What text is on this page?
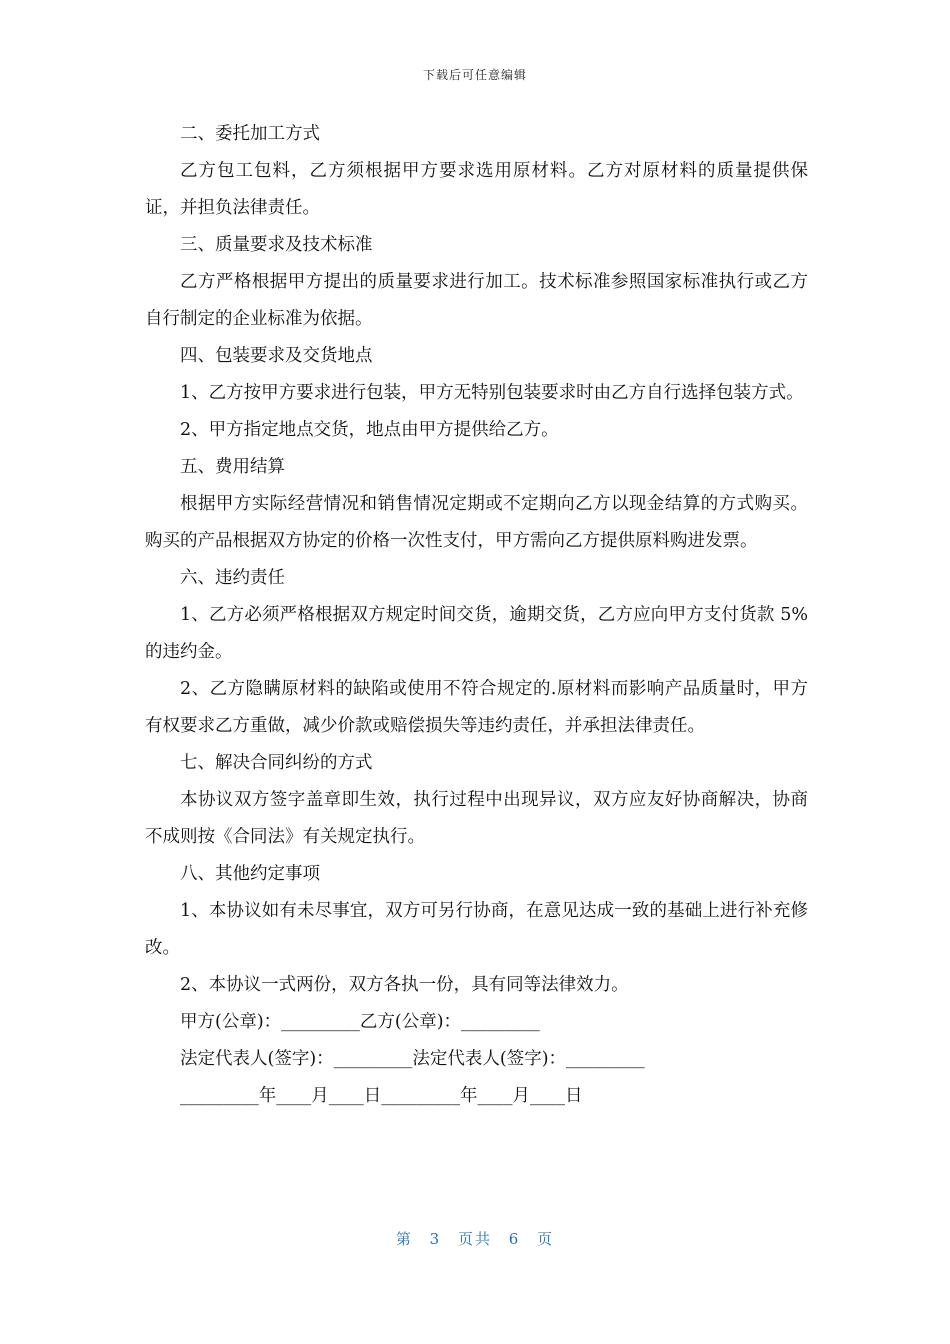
下载后可任意编辑

二、委托加工方式

乙方包工包料，乙方须根据甲方要求选用原材料。乙方对原材料的质量提供保证，并担负法律责任。

三、质量要求及技术标准

乙方严格根据甲方提出的质量要求进行加工。技术标准参照国家标准执行或乙方自行制定的企业标准为依据。

四、包装要求及交货地点

1、乙方按甲方要求进行包装，甲方无特别包装要求时由乙方自行选择包装方式。

2、甲方指定地点交货，地点由甲方提供给乙方。

五、费用结算

根据甲方实际经营情况和销售情况定期或不定期向乙方以现金结算的方式购买。购买的产品根据双方协定的价格一次性支付，甲方需向乙方提供原料购进发票。

六、违约责任

1、乙方必须严格根据双方规定时间交货，逾期交货，乙方应向甲方支付货款 5%的违约金。

2、乙方隐瞒原材料的缺陷或使用不符合规定的.原材料而影响产品质量时，甲方有权要求乙方重做，减少价款或赔偿损失等违约责任，并承担法律责任。

七、解决合同纠纷的方式

本协议双方签字盖章即生效，执行过程中出现异议，双方应友好协商解决，协商不成则按《合同法》有关规定执行。

八、其他约定事项

1、本协议如有未尽事宜，双方可另行协商，在意见达成一致的基础上进行补充修改。

2、本协议一式两份，双方各执一份，具有同等法律效力。

甲方(公章)：_________乙方(公章)：_________

法定代表人(签字)：_________法定代表人(签字)：_________

_________年____月____日_________年____月____日

第 3 页共 6 页
